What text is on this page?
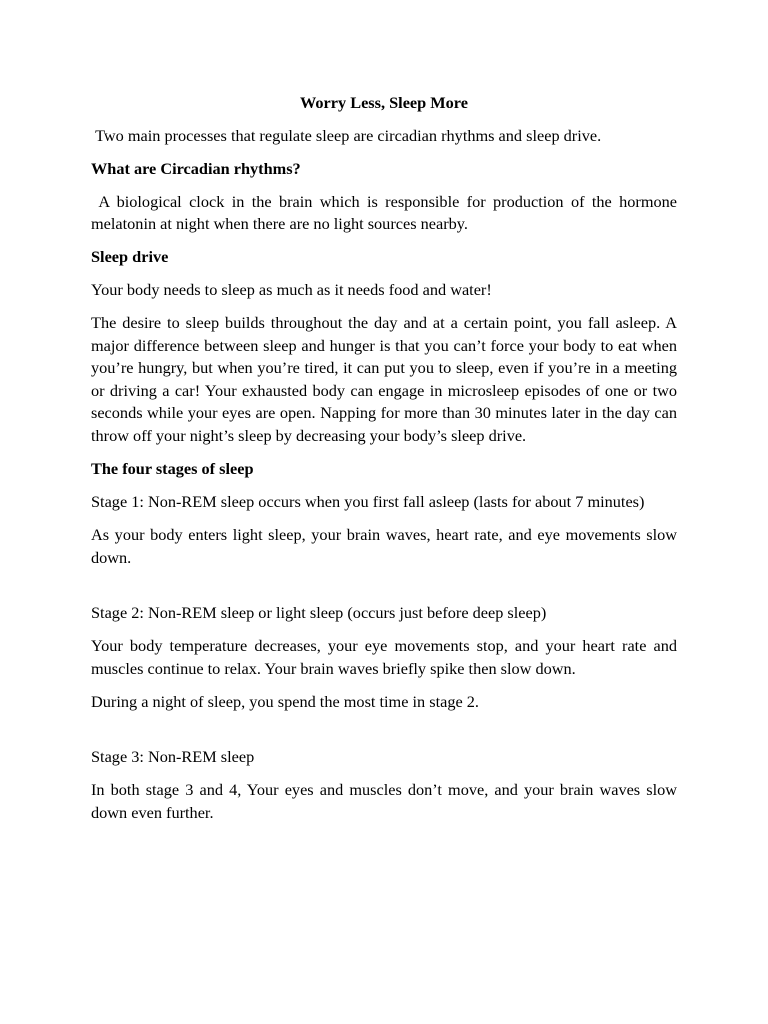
Worry Less, Sleep More
Two main processes that regulate sleep are circadian rhythms and sleep drive.
What are Circadian rhythms?
A biological clock in the brain which is responsible for production of the hormone melatonin at night when there are no light sources nearby.
Sleep drive
Your body needs to sleep as much as it needs food and water!
The desire to sleep builds throughout the day and at a certain point, you fall asleep. A major difference between sleep and hunger is that you can’t force your body to eat when you’re hungry, but when you’re tired, it can put you to sleep, even if you’re in a meeting or driving a car! Your exhausted body can engage in microsleep episodes of one or two seconds while your eyes are open. Napping for more than 30 minutes later in the day can throw off your night’s sleep by decreasing your body’s sleep drive.
The four stages of sleep
Stage 1: Non-REM sleep occurs when you first fall asleep (lasts for about 7 minutes)
As your body enters light sleep, your brain waves, heart rate, and eye movements slow down.
Stage 2: Non-REM sleep or light sleep (occurs just before deep sleep)
Your body temperature decreases, your eye movements stop, and your heart rate and muscles continue to relax. Your brain waves briefly spike then slow down.
During a night of sleep, you spend the most time in stage 2.
Stage 3: Non-REM sleep
In both stage 3 and 4, Your eyes and muscles don’t move, and your brain waves slow down even further.
